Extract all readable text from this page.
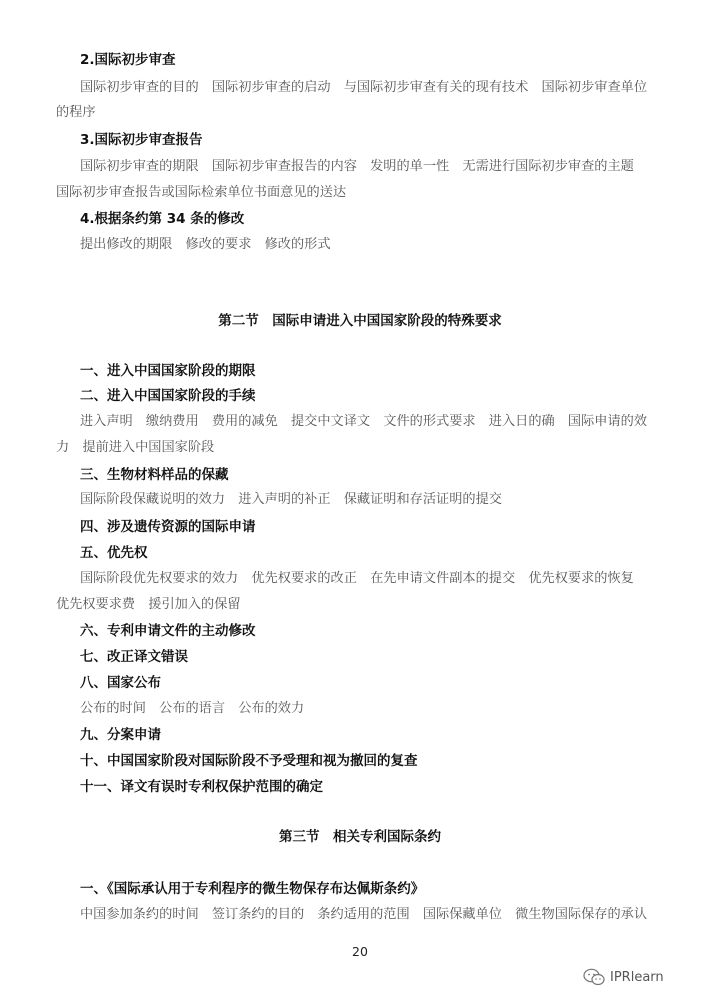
2.国际初步审查
国际初步审查的目的　国际初步审查的启动　与国际初步审查有关的现有技术　国际初步审查单位
的程序
3.国际初步审查报告
国际初步审查的期限　国际初步审查报告的内容　发明的单一性　无需进行国际初步审查的主题
国际初步审查报告或国际检索单位书面意见的送达
4.根据条约第 34 条的修改
提出修改的期限　修改的要求　修改的形式
第二节　国际申请进入中国国家阶段的特殊要求
一、进入中国国家阶段的期限
二、进入中国国家阶段的手续
进入声明　缴纳费用　费用的减免　提交中文译文　文件的形式要求　进入日的确　国际申请的效
力　提前进入中国国家阶段
三、生物材料样品的保藏
国际阶段保藏说明的效力　进入声明的补正　保藏证明和存活证明的提交
四、涉及遗传资源的国际申请
五、优先权
国际阶段优先权要求的效力　优先权要求的改正　在先申请文件副本的提交　优先权要求的恢复
优先权要求费　援引加入的保留
六、专利申请文件的主动修改
七、改正译文错误
八、国家公布
公布的时间　公布的语言　公布的效力
九、分案申请
十、中国国家阶段对国际阶段不予受理和视为撤回的复查
十一、译文有误时专利权保护范围的确定
第三节　相关专利国际条约
一、《国际承认用于专利程序的微生物保存布达佩斯条约》
中国参加条约的时间　签订条约的目的　条约适用的范围　国际保藏单位　微生物国际保存的承认
20
IPRlearn
